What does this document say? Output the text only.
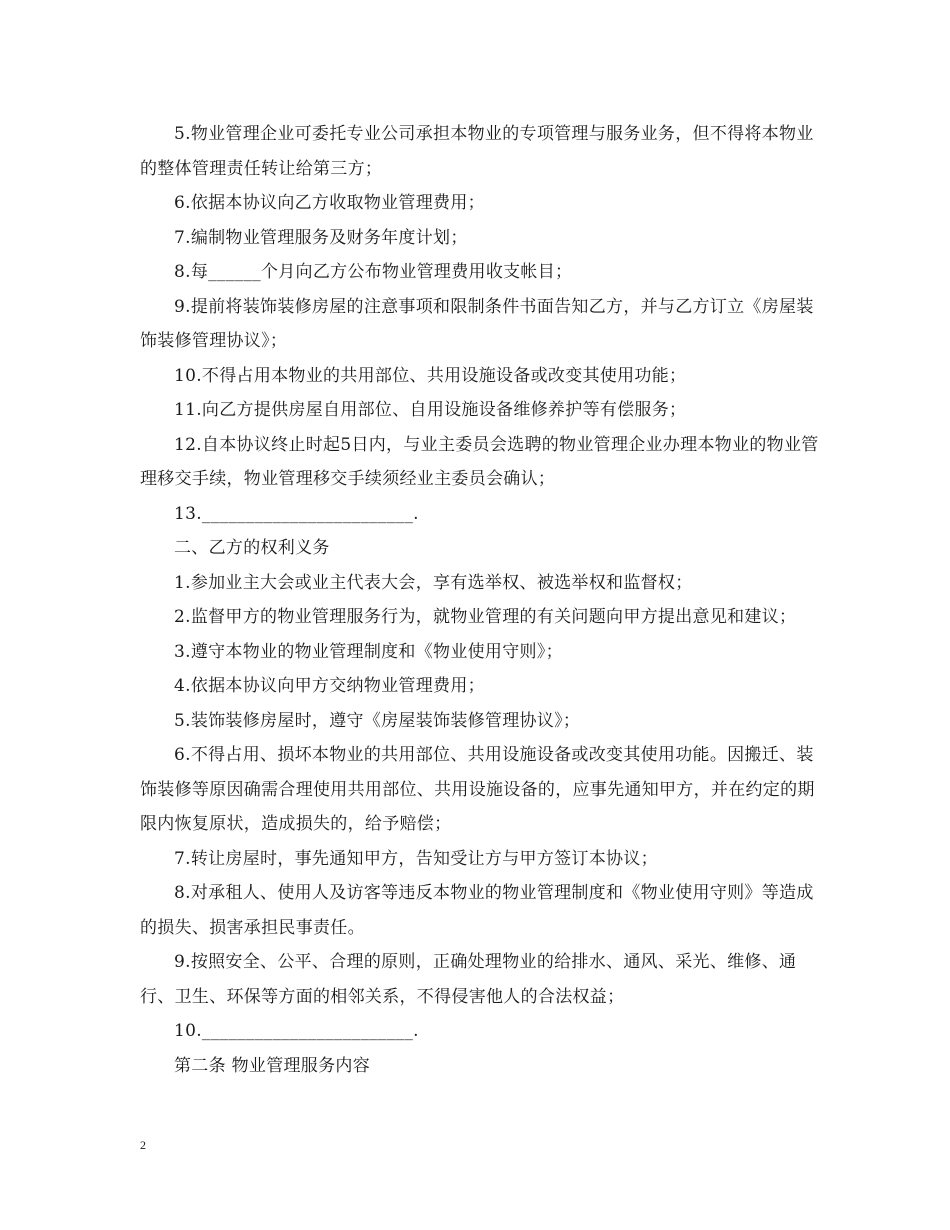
5.物业管理企业可委托专业公司承担本物业的专项管理与服务业务，但不得将本物业的整体管理责任转让给第三方；

6.依据本协议向乙方收取物业管理费用；

7.编制物业管理服务及财务年度计划；

8.每______个月向乙方公布物业管理费用收支帐目；

9.提前将装饰装修房屋的注意事项和限制条件书面告知乙方，并与乙方订立《房屋装饰装修管理协议》；

10.不得占用本物业的共用部位、共用设施设备或改变其使用功能；

11.向乙方提供房屋自用部位、自用设施设备维修养护等有偿服务；

12.自本协议终止时起5日内，与业主委员会选聘的物业管理企业办理本物业的物业管理移交手续，物业管理移交手续须经业主委员会确认；

13.________________________.

二、乙方的权利义务

1.参加业主大会或业主代表大会，享有选举权、被选举权和监督权；

2.监督甲方的物业管理服务行为，就物业管理的有关问题向甲方提出意见和建议；

3.遵守本物业的物业管理制度和《物业使用守则》；

4.依据本协议向甲方交纳物业管理费用；

5.装饰装修房屋时，遵守《房屋装饰装修管理协议》；

6.不得占用、损坏本物业的共用部位、共用设施设备或改变其使用功能。因搬迁、装饰装修等原因确需合理使用共用部位、共用设施设备的，应事先通知甲方，并在约定的期限内恢复原状，造成损失的，给予赔偿；

7.转让房屋时，事先通知甲方，告知受让方与甲方签订本协议；

8.对承租人、使用人及访客等违反本物业的物业管理制度和《物业使用守则》等造成的损失、损害承担民事责任。

9.按照安全、公平、合理的原则，正确处理物业的给排水、通风、采光、维修、通行、卫生、环保等方面的相邻关系，不得侵害他人的合法权益；

10.________________________.

第二条 物业管理服务内容

2
